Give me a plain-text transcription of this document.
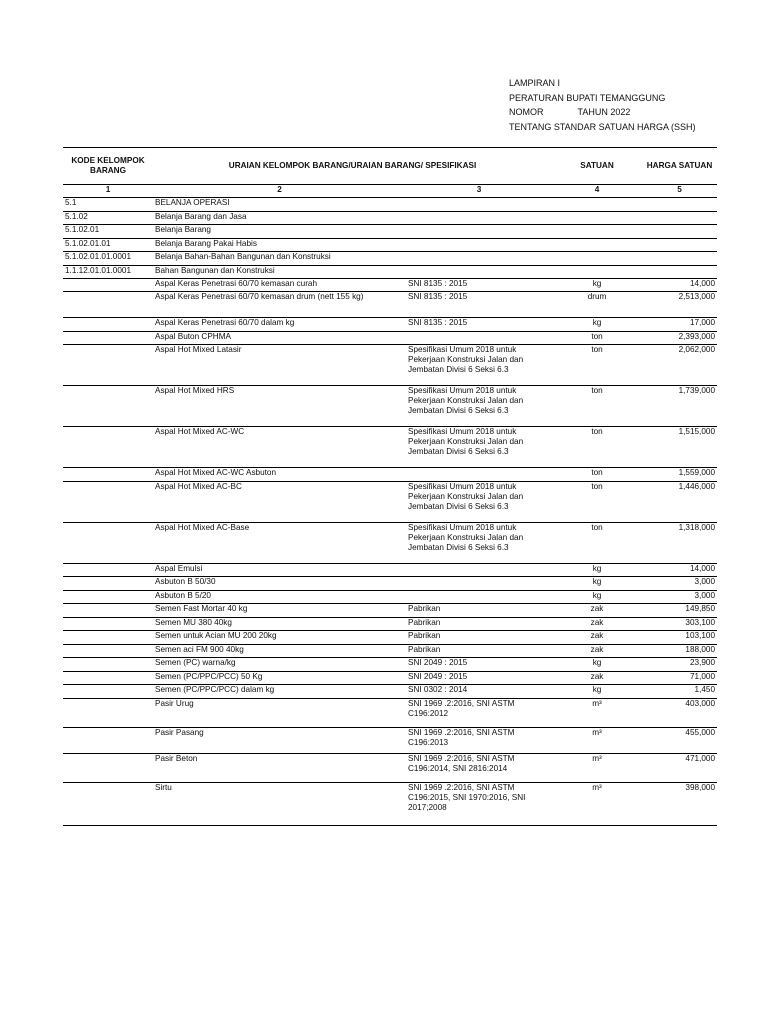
LAMPIRAN I
PERATURAN BUPATI TEMANGGUNG
NOMOR	TAHUN 2022
TENTANG STANDAR SATUAN HARGA (SSH)
KODE KELOMPOK BARANG	URAIAN KELOMPOK BARANG/URAIAN BARANG/ SPESIFIKASI		SATUAN	HARGA SATUAN
1	2	3	4	5
5.1	BELANJA OPERASI			
5.1.02	Belanja Barang dan Jasa			
5.1.02.01	Belanja Barang			
5.1.02.01.01	Belanja Barang Pakai Habis			
5.1.02.01.01.0001	Belanja Bahan-Bahan Bangunan dan Konstruksi			
1.1.12.01.01.0001	Bahan Bangunan dan Konstruksi			
	Aspal Keras Penetrasi 60/70 kemasan curah	SNI 8135 : 2015	kg	14,000
	Aspal Keras Penetrasi 60/70 kemasan drum (nett 155 kg)	SNI 8135 : 2015	drum	2,513,000
	Aspal Keras Penetrasi 60/70 dalam kg	SNI 8135 : 2015	kg	17,000
	Aspal Buton CPHMA		ton	2,393,000
	Aspal Hot Mixed Latasir	Spesifikasi Umum 2018 untuk Pekerjaan Konstruksi Jalan dan Jembatan Divisi 6 Seksi 6.3	ton	2,062,000
	Aspal Hot Mixed HRS	Spesifikasi Umum 2018 untuk Pekerjaan Konstruksi Jalan dan Jembatan Divisi 6 Seksi 6.3	ton	1,739,000
	Aspal Hot Mixed AC-WC	Spesifikasi Umum 2018 untuk Pekerjaan Konstruksi Jalan dan Jembatan Divisi 6 Seksi 6.3	ton	1,515,000
	Aspal Hot Mixed AC-WC Asbuton		ton	1,559,000
	Aspal Hot Mixed AC-BC	Spesifikasi Umum 2018 untuk Pekerjaan Konstruksi Jalan dan Jembatan Divisi 6 Seksi 6.3	ton	1,446,000
	Aspal Hot Mixed AC-Base	Spesifikasi Umum 2018 untuk Pekerjaan Konstruksi Jalan dan Jembatan Divisi 6 Seksi 6.3	ton	1,318,000
	Aspal Emulsi		kg	14,000
	Asbuton B 50/30		kg	3,000
	Asbuton B 5/20		kg	3,000
	Semen Fast Mortar 40 kg	Pabrikan	zak	149,850
	Semen MU 380 40kg	Pabrikan	zak	303,100
	Semen untuk Acian MU 200 20kg	Pabrikan	zak	103,100
	Semen aci FM 900 40kg	Pabrikan	zak	188,000
	Semen (PC) warna/kg	SNI 2049 : 2015	kg	23,900
	Semen (PC/PPC/PCC) 50 Kg	SNI 2049 : 2015	zak	71,000
	Semen (PC/PPC/PCC) dalam kg	SNI 0302 : 2014	kg	1,450
	Pasir Urug	SNI 1969 .2:2016, SNI ASTM C196:2012	m³	403,000
	Pasir Pasang	SNI 1969 .2:2016, SNI ASTM C196:2013	m³	455,000
	Pasir Beton	SNI 1969 .2:2016, SNI ASTM C196:2014, SNI 2816:2014	m³	471,000
	Sirtu	SNI 1969 .2:2016, SNI ASTM C196:2015, SNI 1970:2016, SNI 2017;2008	m³	398,000
